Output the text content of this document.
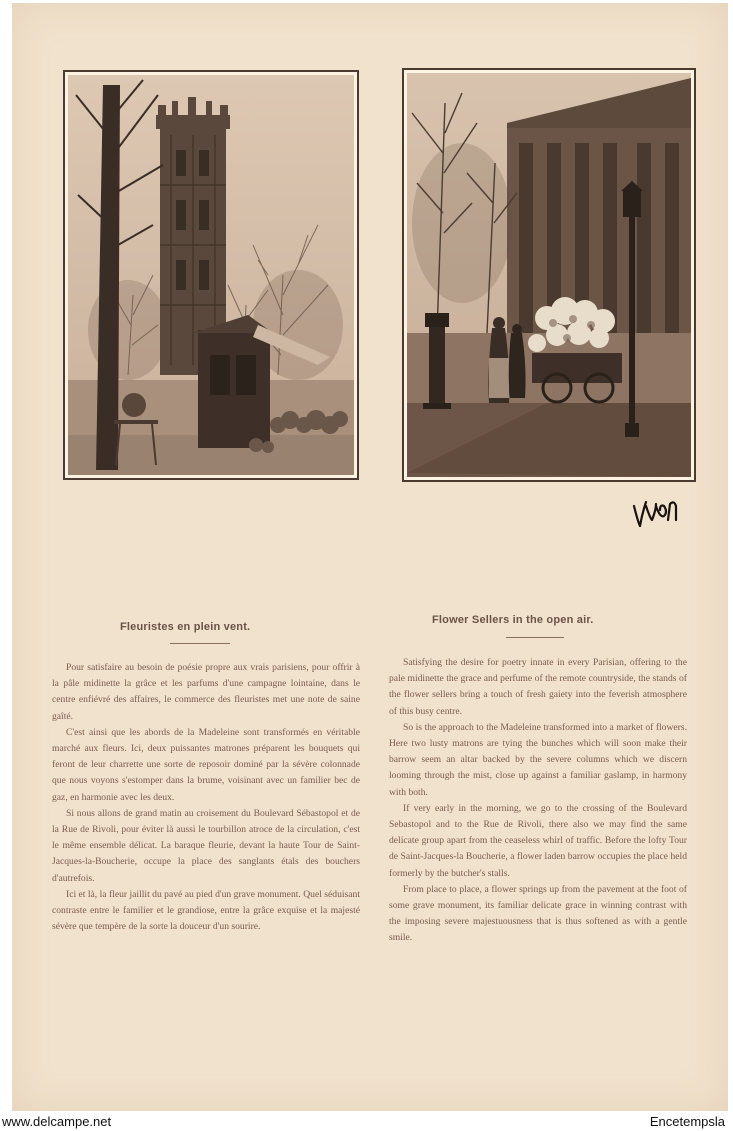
Fleuristes en plein vent.

Pour satisfaire au besoin de poésie propre aux vrais parisiens, pour offrir à la pâle midinette la grâce et les parfums d'une campagne lointaine, dans le centre enfiévré des affaires, le commerce des fleuristes met une note de saine gaîté.

C'est ainsi que les abords de la Madeleine sont transformés en véritable marché aux fleurs. Ici, deux puissantes matrones préparent les bouquets qui feront de leur charrette une sorte de reposoir dominé par la sévère colonnade que nous voyons s'estomper dans la brume, voisinant avec un familier bec de gaz, en harmonie avec les deux.

Si nous allons de grand matin au croisement du Boulevard Sébastopol et de la Rue de Rivoli, pour éviter là aussi le tourbillon atroce de la circulation, c'est le même ensemble délicat. La baraque fleurie, devant la haute Tour de Saint-Jacques-la-Boucherie, occupe la place des sanglants étals des bouchers d'autrefois.

Ici et là, la fleur jaillit du pavé au pied d'un grave monument. Quel séduisant contraste entre le familier et le grandiose, entre la grâce exquise et la majesté sévère que tempère de la sorte la douceur d'un sourire.

Flower Sellers in the open air.

Satisfying the desire for poetry innate in every Parisian, offering to the pale midinette the grace and perfume of the remote countryside, the stands of the flower sellers bring a touch of fresh gaiety into the feverish atmosphere of this busy centre.

So is the approach to the Madeleine transformed into a market of flowers. Here two lusty matrons are tying the bunches which will soon make their barrow seem an altar backed by the severe columns which we discern looming through the mist, close up against a familiar gaslamp, in harmony with both.

If very early in the morning, we go to the crossing of the Boulevard Sebastopol and to the Rue de Rivoli, there also we may find the same delicate group apart from the ceaseless whirl of traffic. Before the lofty Tour de Saint-Jacques-la Boucherie, a flower laden barrow occupies the place held formerly by the butcher's stalls.

From place to place, a flower springs up from the pavement at the foot of some grave monument, its familiar delicate grace in winning contrast with the imposing severe majestuousness that is thus softened as with a gentle smile.

www.delcampe.net	Encetempsla
